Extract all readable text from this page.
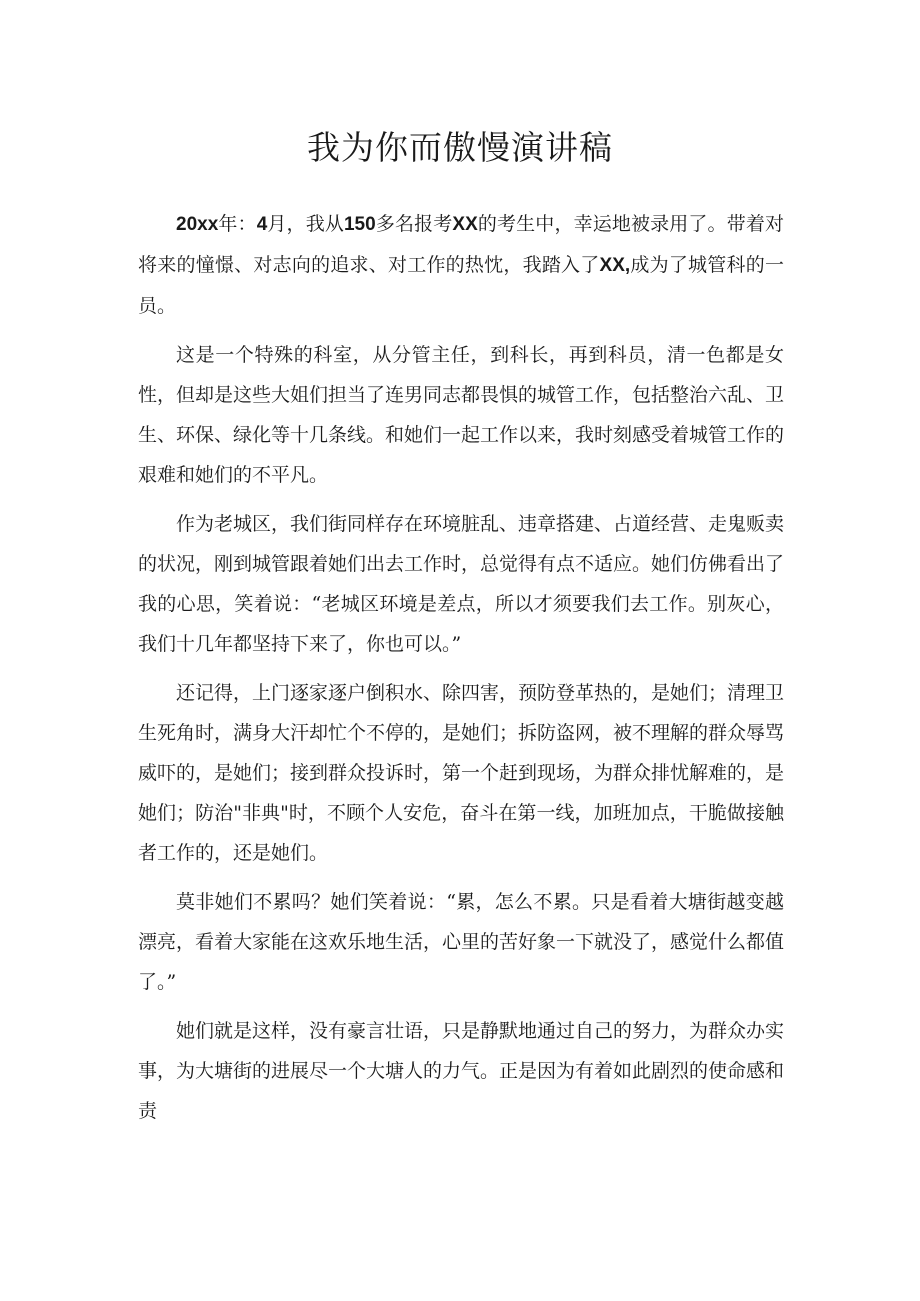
我为你而傲慢演讲稿

20xx年：4月，我从150多名报考XX的考生中，幸运地被录用了。带着对将来的憧憬、对志向的追求、对工作的热忱，我踏入了XX,成为了城管科的一员。

这是一个特殊的科室，从分管主任，到科长，再到科员，清一色都是女性，但却是这些大姐们担当了连男同志都畏惧的城管工作，包括整治六乱、卫生、环保、绿化等十几条线。和她们一起工作以来，我时刻感受着城管工作的艰难和她们的不平凡。

作为老城区，我们街同样存在环境脏乱、违章搭建、占道经营、走鬼贩卖的状况，刚到城管跟着她们出去工作时，总觉得有点不适应。她们仿佛看出了我的心思，笑着说：“老城区环境是差点，所以才须要我们去工作。别灰心，我们十几年都坚持下来了，你也可以。”

还记得，上门逐家逐户倒积水、除四害，预防登革热的，是她们；清理卫生死角时，满身大汗却忙个不停的，是她们；拆防盗网，被不理解的群众辱骂威吓的，是她们；接到群众投诉时，第一个赶到现场，为群众排忧解难的，是她们；防治"非典"时，不顾个人安危，奋斗在第一线，加班加点，干脆做接触者工作的，还是她们。

莫非她们不累吗？她们笑着说：“累，怎么不累。只是看着大塘街越变越漂亮，看着大家能在这欢乐地生活，心里的苦好象一下就没了，感觉什么都值了。”

她们就是这样，没有豪言壮语，只是静默地通过自己的努力，为群众办实事，为大塘街的进展尽一个大塘人的力气。正是因为有着如此剧烈的使命感和责
